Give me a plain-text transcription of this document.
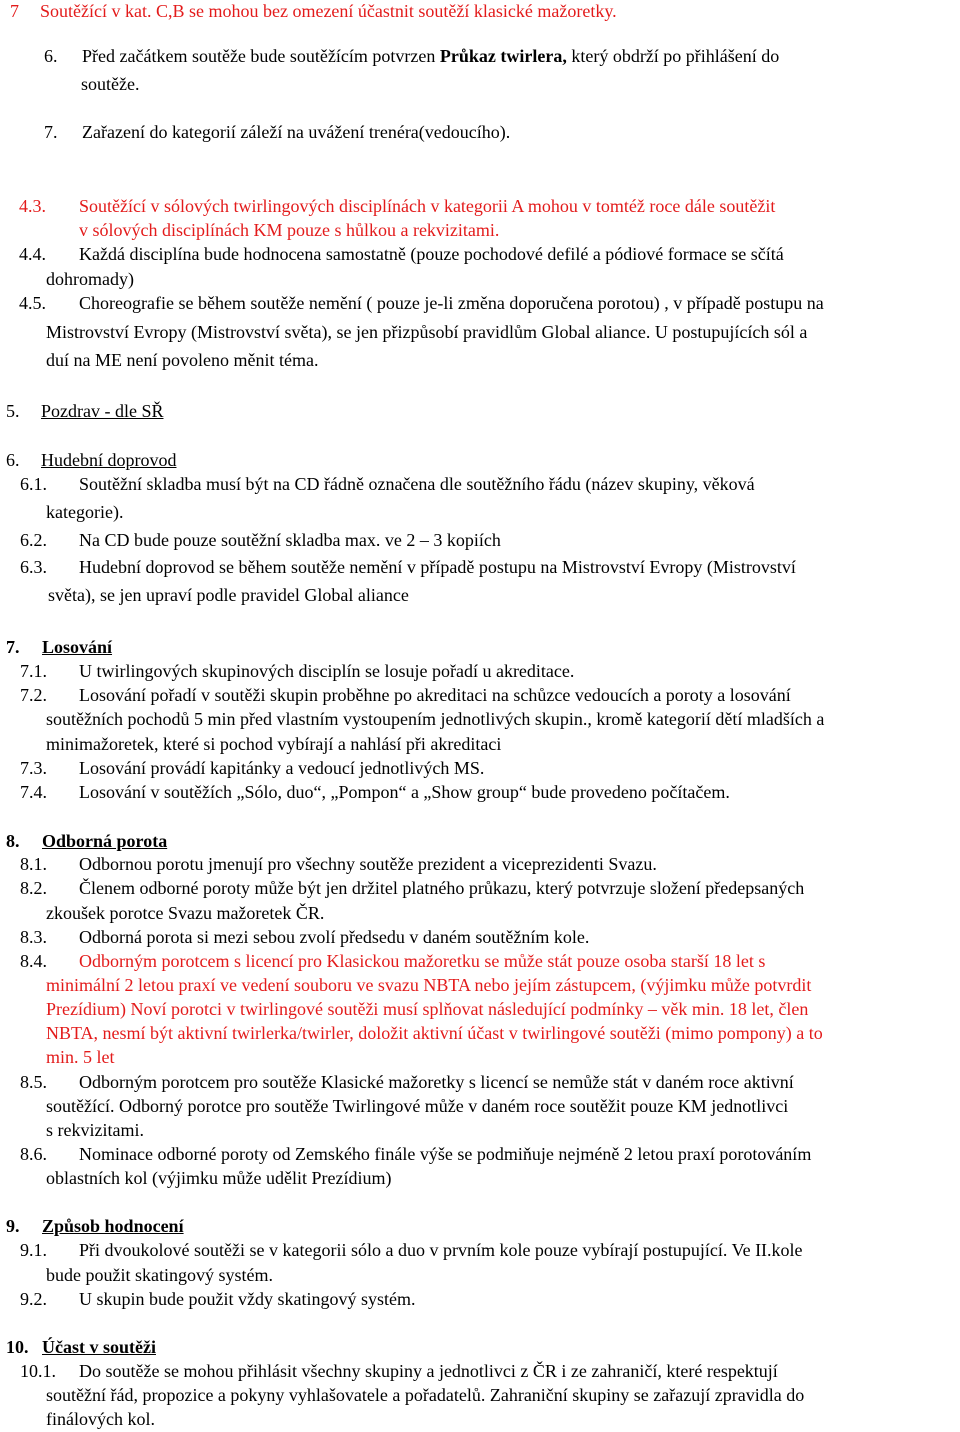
7 Soutěžící v kat. C,B se mohou bez omezení účastnit soutěží klasické mažoretky.
6. Před začátkem soutěže bude soutěžícím potvrzen Průkaz twirlera, který obdrží po přihlášení do
soutěže.
7. Zařazení do kategorií záleží na uvážení trenéra(vedoucího).
4.3. Soutěžící v sólových twirlingových disciplínách v kategorii A mohou v tomtéž roce dále soutěžit
v sólových disciplínách KM pouze s hůlkou a rekvizitami.
4.4. Každá disciplína bude hodnocena samostatně (pouze pochodové defilé a pódiové formace se sčítá
dohromady)
4.5. Choreografie se během soutěže nemění ( pouze je-li změna doporučena porotou) , v případě postupu na
Mistrovství Evropy (Mistrovství světa), se jen přizpůsobí pravidlům Global aliance. U postupujících sól a
duí na ME není povoleno měnit téma.
5. Pozdrav - dle SŘ
6. Hudební doprovod
6.1. Soutěžní skladba musí být na CD řádně označena dle soutěžního řádu (název skupiny, věková
kategorie).
6.2. Na CD bude pouze soutěžní skladba max. ve 2 – 3 kopiích
6.3. Hudební doprovod se během soutěže nemění v případě postupu na Mistrovství Evropy (Mistrovství
světa), se jen upraví podle pravidel Global aliance
7. Losování
7.1. U twirlingových skupinových disciplín se losuje pořadí u akreditace.
7.2. Losování pořadí v soutěži skupin proběhne po akreditaci na schůzce vedoucích a poroty a losování
soutěžních pochodů 5 min před vlastním vystoupením jednotlivých skupin., kromě kategorií dětí mladších a
minimažoretek, které si pochod vybírají a nahlásí při akreditaci
7.3. Losování provádí kapitánky a vedoucí jednotlivých MS.
7.4. Losování v soutěžích „Sólo, duo“, „Pompon“ a „Show group“ bude provedeno počítačem.
8. Odborná porota
8.1. Odbornou porotu jmenují pro všechny soutěže prezident a viceprezidenti Svazu.
8.2. Členem odborné poroty může být jen držitel platného průkazu, který potvrzuje složení předepsaných
zkoušek porotce Svazu mažoretek ČR.
8.3. Odborná porota si mezi sebou zvolí předsedu v daném soutěžním kole.
8.4. Odborným porotcem s licencí pro Klasickou mažoretku se může stát pouze osoba starší 18 let s
minimální 2 letou praxí ve vedení souboru ve svazu NBTA nebo jejím zástupcem, (výjimku může potvrdit
Prezídium) Noví porotci v twirlingové soutěži musí splňovat následující podmínky – věk min. 18 let, člen
NBTA, nesmí být aktivní twirlerka/twirler, doložit aktivní účast v twirlingové soutěži (mimo pompony) a to
min. 5 let
8.5. Odborným porotcem pro soutěže Klasické mažoretky s licencí se nemůže stát v daném roce aktivní
soutěžící. Odborný porotce pro soutěže Twirlingové může v daném roce soutěžit pouze KM jednotlivci
s rekvizitami.
8.6. Nominace odborné poroty od Zemského finále výše se podmiňuje nejméně 2 letou praxí porotováním
oblastních kol (výjimku může udělit Prezídium)
9. Způsob hodnocení
9.1. Při dvoukolové soutěži se v kategorii sólo a duo v prvním kole pouze vybírají postupující. Ve II.kole
bude použit skatingový systém.
9.2. U skupin bude použit vždy skatingový systém.
10. Účast v soutěži
10.1. Do soutěže se mohou přihlásit všechny skupiny a jednotlivci z ČR i ze zahraničí, které respektují
soutěžní řád, propozice a pokyny vyhlašovatele a pořadatelů. Zahraniční skupiny se zařazují zpravidla do
finálových kol.
